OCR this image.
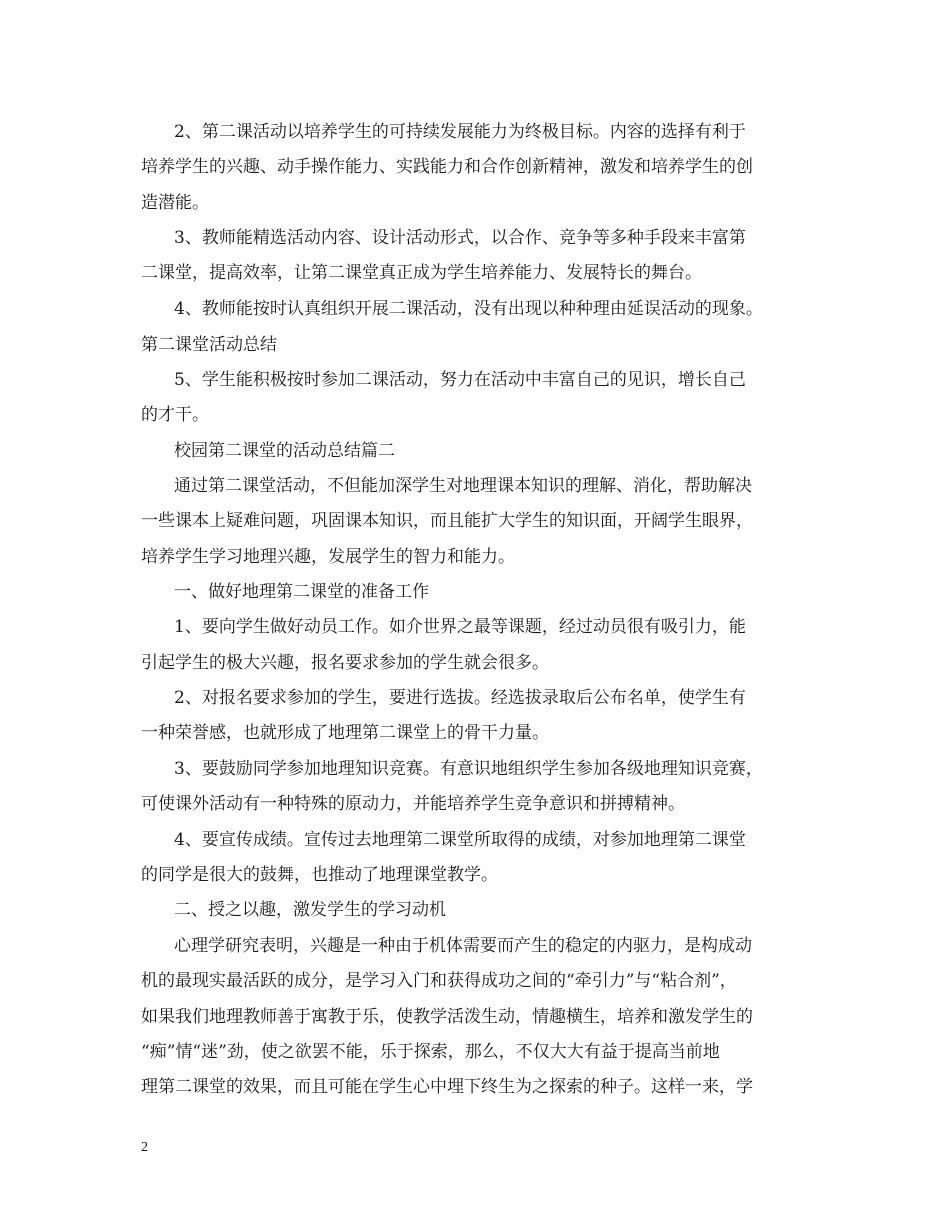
2、第二课活动以培养学生的可持续发展能力为终极目标。内容的选择有利于
培养学生的兴趣、动手操作能力、实践能力和合作创新精神，激发和培养学生的创
造潜能。
3、教师能精选活动内容、设计活动形式，以合作、竞争等多种手段来丰富第
二课堂，提高效率，让第二课堂真正成为学生培养能力、发展特长的舞台。
4、教师能按时认真组织开展二课活动，没有出现以种种理由延误活动的现象。
第二课堂活动总结
5、学生能积极按时参加二课活动，努力在活动中丰富自己的见识，增长自己
的才干。
校园第二课堂的活动总结篇二
通过第二课堂活动，不但能加深学生对地理课本知识的理解、消化，帮助解决
一些课本上疑难问题，巩固课本知识，而且能扩大学生的知识面，开阔学生眼界，
培养学生学习地理兴趣，发展学生的智力和能力。
一、做好地理第二课堂的准备工作
1、要向学生做好动员工作。如介世界之最等课题，经过动员很有吸引力，能
引起学生的极大兴趣，报名要求参加的学生就会很多。
2、对报名要求参加的学生，要进行选拔。经选拔录取后公布名单，使学生有
一种荣誉感，也就形成了地理第二课堂上的骨干力量。
3、要鼓励同学参加地理知识竞赛。有意识地组织学生参加各级地理知识竞赛，
可使课外活动有一种特殊的原动力，并能培养学生竞争意识和拼搏精神。
4、要宣传成绩。宣传过去地理第二课堂所取得的成绩，对参加地理第二课堂
的同学是很大的鼓舞，也推动了地理课堂教学。
二、授之以趣，激发学生的学习动机
心理学研究表明，兴趣是一种由于机体需要而产生的稳定的内驱力，是构成动
机的最现实最活跃的成分，是学习入门和获得成功之间的“牵引力”与“粘合剂”，
如果我们地理教师善于寓教于乐，使教学活泼生动，情趣横生，培养和激发学生的
“痴”情“迷”劲，使之欲罢不能，乐于探索，那么，不仅大大有益于提高当前地
理第二课堂的效果，而且可能在学生心中埋下终生为之探索的种子。这样一来，学
2
